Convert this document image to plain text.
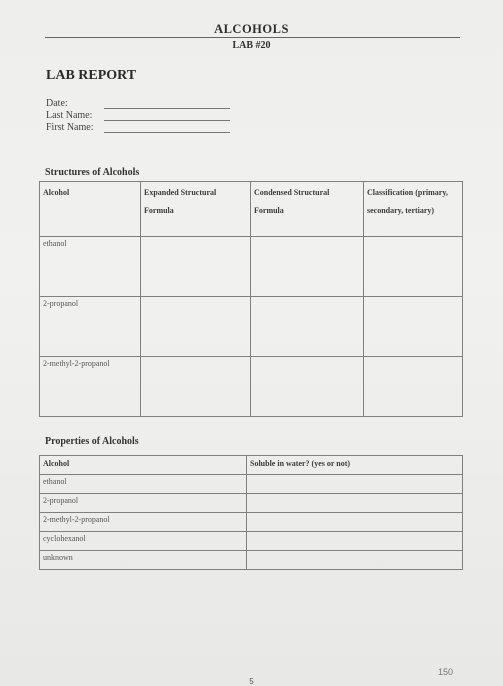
ALCOHOLS
LAB #20
LAB REPORT
Date:
Last Name:
First Name:
Structures of Alcohols
Alcohol	Expanded Structural Formula	Condensed Structural Formula	Classification (primary, secondary, tertiary)
ethanol			
2-propanol			
2-methyl-2-propanol			
Properties of Alcohols
Alcohol	Soluble in water? (yes or not)
ethanol	
2-propanol	
2-methyl-2-propanol	
cyclohexanol	
unknown	
150
5
